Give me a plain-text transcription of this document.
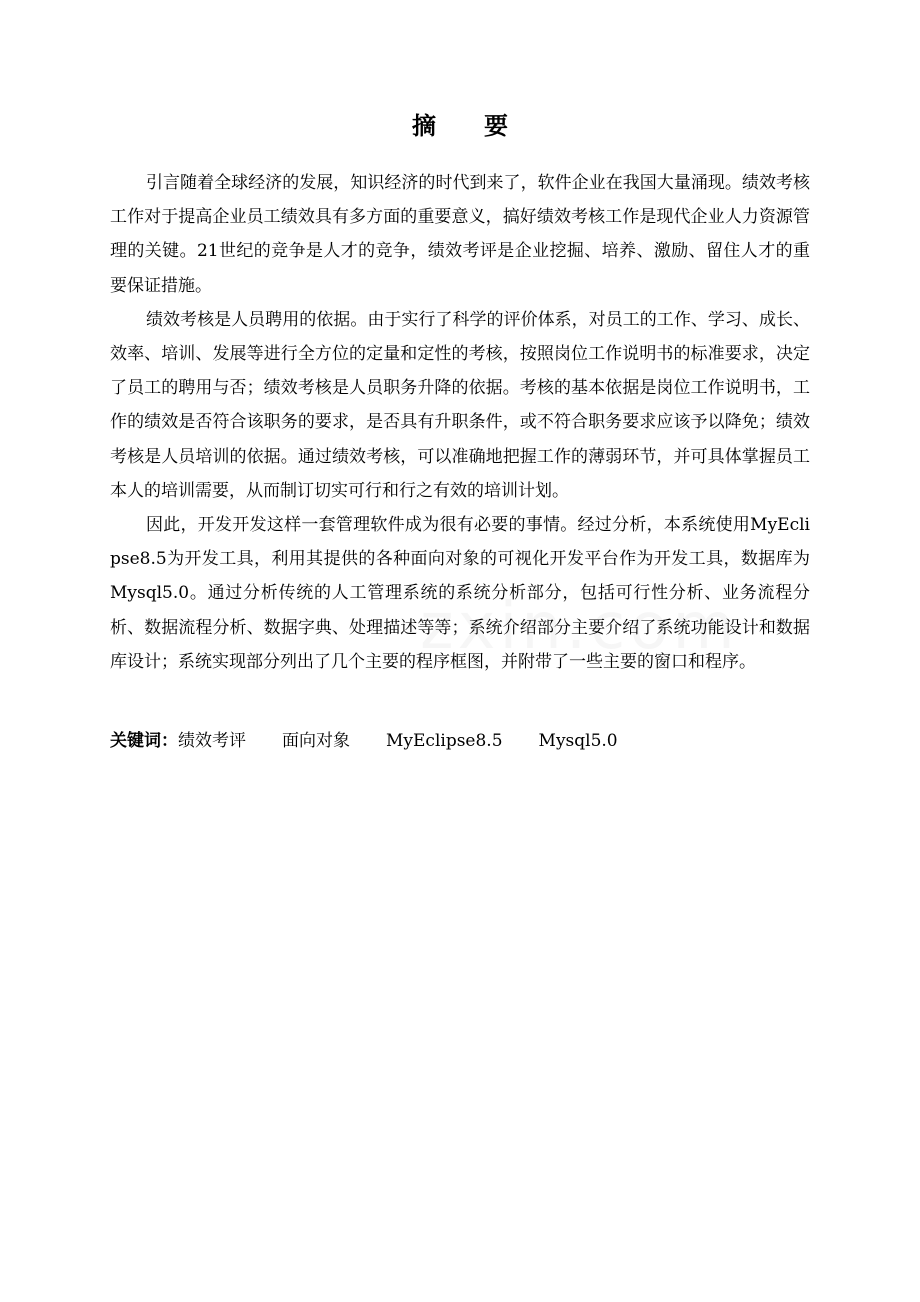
摘 要

引言随着全球经济的发展，知识经济的时代到来了，软件企业在我国大量涌现。绩效考核工作对于提高企业员工绩效具有多方面的重要意义，搞好绩效考核工作是现代企业人力资源管理的关键。21世纪的竞争是人才的竞争，绩效考评是企业挖掘、培养、激励、留住人才的重要保证措施。

绩效考核是人员聘用的依据。由于实行了科学的评价体系，对员工的工作、学习、成长、效率、培训、发展等进行全方位的定量和定性的考核，按照岗位工作说明书的标准要求，决定了员工的聘用与否；绩效考核是人员职务升降的依据。考核的基本依据是岗位工作说明书，工作的绩效是否符合该职务的要求，是否具有升职条件，或不符合职务要求应该予以降免；绩效考核是人员培训的依据。通过绩效考核，可以准确地把握工作的薄弱环节，并可具体掌握员工本人的培训需要，从而制订切实可行和行之有效的培训计划。

因此，开发开发这样一套管理软件成为很有必要的事情。经过分析，本系统使用MyEclipse8.5为开发工具，利用其提供的各种面向对象的可视化开发平台作为开发工具，数据库为Mysql5.0。通过分析传统的人工管理系统的系统分析部分，包括可行性分析、业务流程分析、数据流程分析、数据字典、处理描述等等；系统介绍部分主要介绍了系统功能设计和数据库设计；系统实现部分列出了几个主要的程序框图，并附带了一些主要的窗口和程序。

关键词：绩效考评 面向对象 MyEclipse8.5 Mysql5.0
